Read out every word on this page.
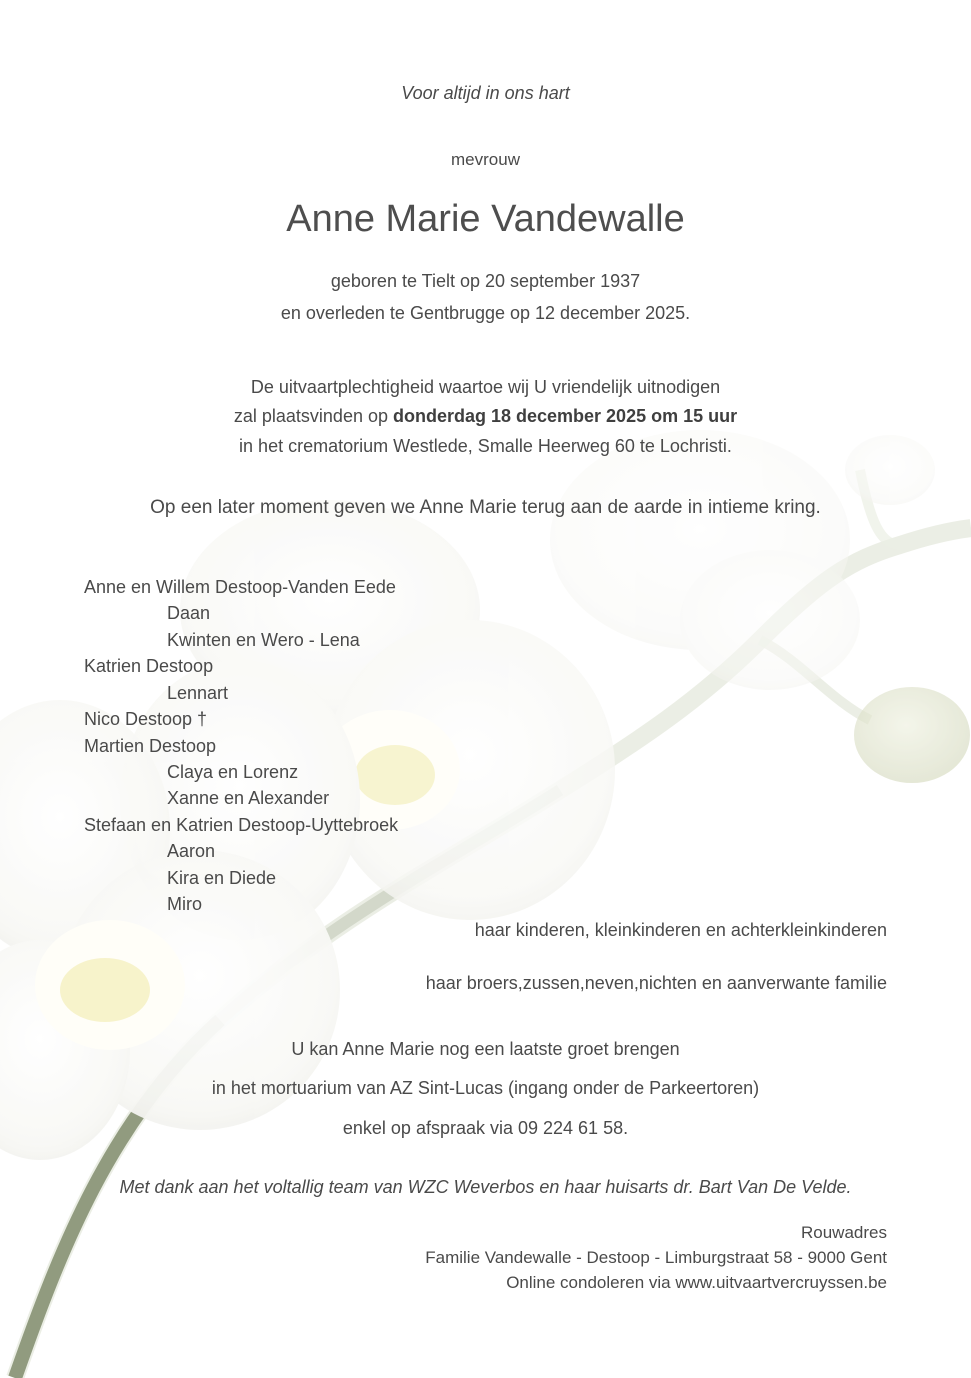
Voor altijd in ons hart
mevrouw
Anne Marie Vandewalle
geboren te Tielt op 20 september 1937
en overleden te Gentbrugge op 12 december 2025.
De uitvaartplechtigheid waartoe wij U vriendelijk uitnodigen
zal plaatsvinden op donderdag 18 december 2025 om 15 uur
in het crematorium Westlede, Smalle Heerweg 60 te Lochristi.
Op een later moment geven we Anne Marie terug aan de aarde in intieme kring.
Anne en Willem Destoop-Vanden Eede
Daan
Kwinten en Wero - Lena
Katrien Destoop
Lennart
Nico Destoop †
Martien Destoop
Claya en Lorenz
Xanne en Alexander
Stefaan en Katrien Destoop-Uyttebroek
Aaron
Kira en Diede
Miro
haar kinderen, kleinkinderen en achterkleinkinderen
haar broers,zussen,neven,nichten en aanverwante familie
U kan Anne Marie nog een laatste groet brengen
in het mortuarium van AZ Sint-Lucas (ingang onder de Parkeertoren)
enkel op afspraak via 09 224 61 58.
Met dank aan het voltallig team van WZC Weverbos en haar huisarts dr. Bart Van De Velde.
Rouwadres
Familie Vandewalle - Destoop - Limburgstraat 58 - 9000 Gent
Online condoleren via www.uitvaartvercruyssen.be
